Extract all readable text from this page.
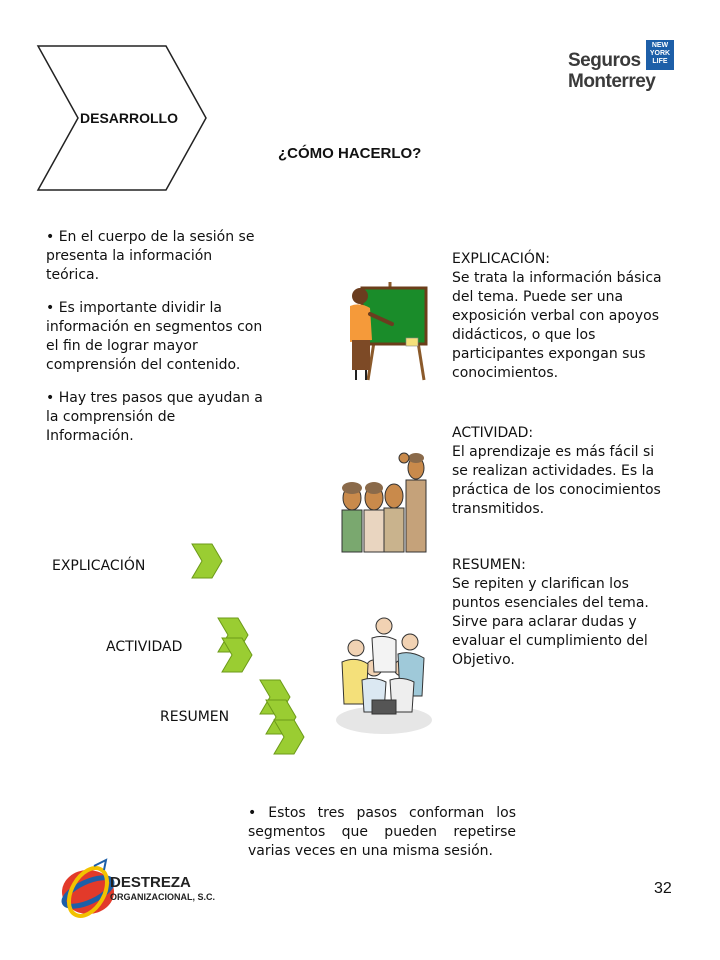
DESARROLLO
¿CÓMO HACERLO?
NEW
YORK
LIFE
Seguros
Monterrey

• En el cuerpo de la sesión se presenta la información teórica.

• Es importante dividir la información en segmentos con el fin de lograr mayor comprensión del contenido.

• Hay tres pasos que ayudan a la comprensión de Información.

EXPLICACIÓN
ACTIVIDAD
RESUMEN
EXPLICACIÓN:
Se trata la información básica del tema. Puede ser una exposición verbal con apoyos didácticos, o que los participantes expongan sus conocimientos.
ACTIVIDAD:
El aprendizaje es más fácil si se realizan actividades. Es la práctica de los conocimientos transmitidos.
RESUMEN:
Se repiten y clarifican los puntos esenciales del tema. Sirve para aclarar dudas y evaluar el cumplimiento del Objetivo.
• Estos tres pasos conforman los segmentos que pueden repetirse varias veces en una misma sesión.
DESTREZA
ORGANIZACIONAL, S.C.	32
